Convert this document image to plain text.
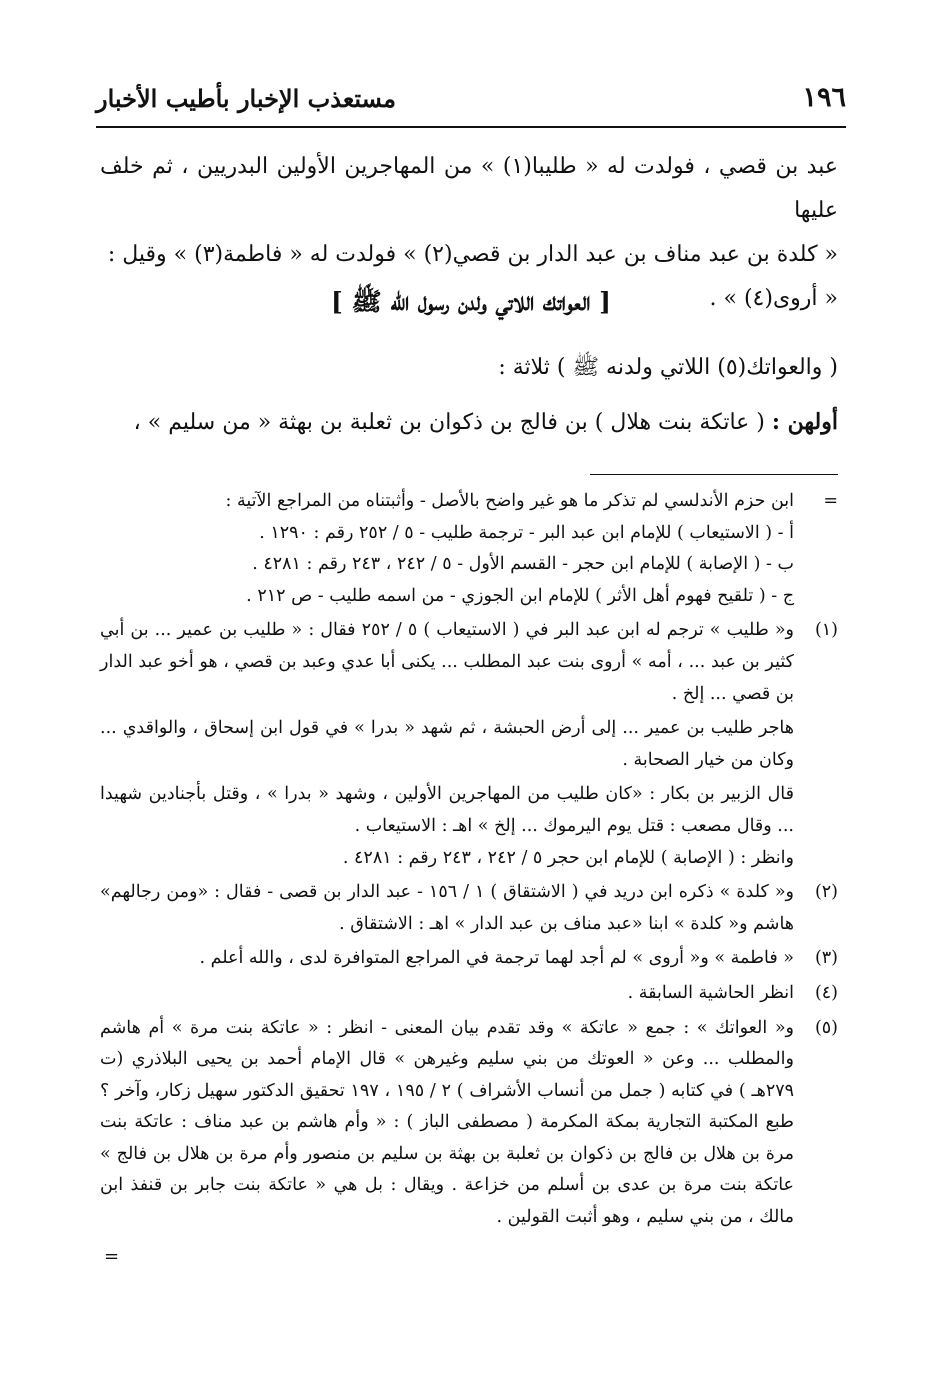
١٩٦
مستعذب الإخبار بأطيب الأخبار

عبد بن قصي ، فولدت له « طليبا(١) » من المهاجرين الأولين البدريين ، ثم خلف عليها

« كلدة بن عبد مناف بن عبد الدار بن قصي(٢) » فولدت له « فاطمة(٣) » وقيل :

« أروى(٤) » .

[ العواتك اللاتي ولدن رسول الله ﷺ ]
( والعواتك(٥) اللاتي ولدنه ﷺ ) ثلاثة :
أولهن : ( عاتكة بنت هلال ) بن فالج بن ذكوان بن ثعلبة بن بهثة « من سليم » ،
=

ابن حزم الأندلسي لم تذكر ما هو غير واضح بالأصل - وأثبتناه من المراجع الآتية :

أ - ( الاستيعاب ) للإمام ابن عبد البر - ترجمة طليب - ٥ / ٢٥٢ رقم : ١٢٩٠ .

ب - ( الإصابة ) للإمام ابن حجر - القسم الأول - ٥ / ٢٤٢ ، ٢٤٣ رقم : ٤٢٨١ .

ج - ( تلقيح فهوم أهل الأثر ) للإمام ابن الجوزي - من اسمه طليب - ص ٢١٢ .

(١)

و« طليب » ترجم له ابن عبد البر في ( الاستيعاب ) ٥ / ٢٥٢ فقال : « طليب بن عمير ... بن أبي كثير بن عبد ... ، أمه » أروى بنت عبد المطلب ... يكنى أبا عدي وعبد بن قصي ، هو أخو عبد الدار بن قصي ... إلخ .

هاجر طليب بن عمير ... إلى أرض الحبشة ، ثم شهد « بدرا » في قول ابن إسحاق ، والواقدي ... وكان من خيار الصحابة .

قال الزبير بن بكار : «كان طليب من المهاجرين الأولين ، وشهد « بدرا » ، وقتل بأجنادين شهيدا ... وقال مصعب : قتل يوم اليرموك ... إلخ » اهـ : الاستيعاب .

وانظر : ( الإصابة ) للإمام ابن حجر ٥ / ٢٤٢ ، ٢٤٣ رقم : ٤٢٨١ .

(٢)

و« كلدة » ذكره ابن دريد في ( الاشتقاق ) ١ / ١٥٦ - عبد الدار بن قصى - فقال : «ومن رجالهم» هاشم و« كلدة » ابنا «عبد مناف بن عبد الدار » اهـ : الاشتقاق .

(٣)

« فاطمة » و« أروى » لم أجد لهما ترجمة في المراجع المتوافرة لدى ، والله أعلم .

(٤)

انظر الحاشية السابقة .

(٥)

و« العواتك » : جمع « عاتكة » وقد تقدم بيان المعنى - انظر : « عاتكة بنت مرة » أم هاشم والمطلب ... وعن « العوتك من بني سليم وغيرهن » قال الإمام أحمد بن يحيى البلاذري (ت ٢٧٩هـ ) في كتابه ( جمل من أنساب الأشراف ) ٢ / ١٩٥ ، ١٩٧ تحقيق الدكتور سهيل زكار، وآخر ؟ طبع المكتبة التجارية بمكة المكرمة ( مصطفى الباز ) : « وأم هاشم بن عبد مناف : عاتكة بنت مرة بن هلال بن فالج بن ذكوان بن ثعلبة بن بهثة بن سليم بن منصور وأم مرة بن هلال بن فالج » عاتكة بنت مرة بن عدى بن أسلم من خزاعة . ويقال : بل هي « عاتكة بنت جابر بن قنفذ ابن مالك ، من بني سليم ، وهو أثبت القولين .

=
